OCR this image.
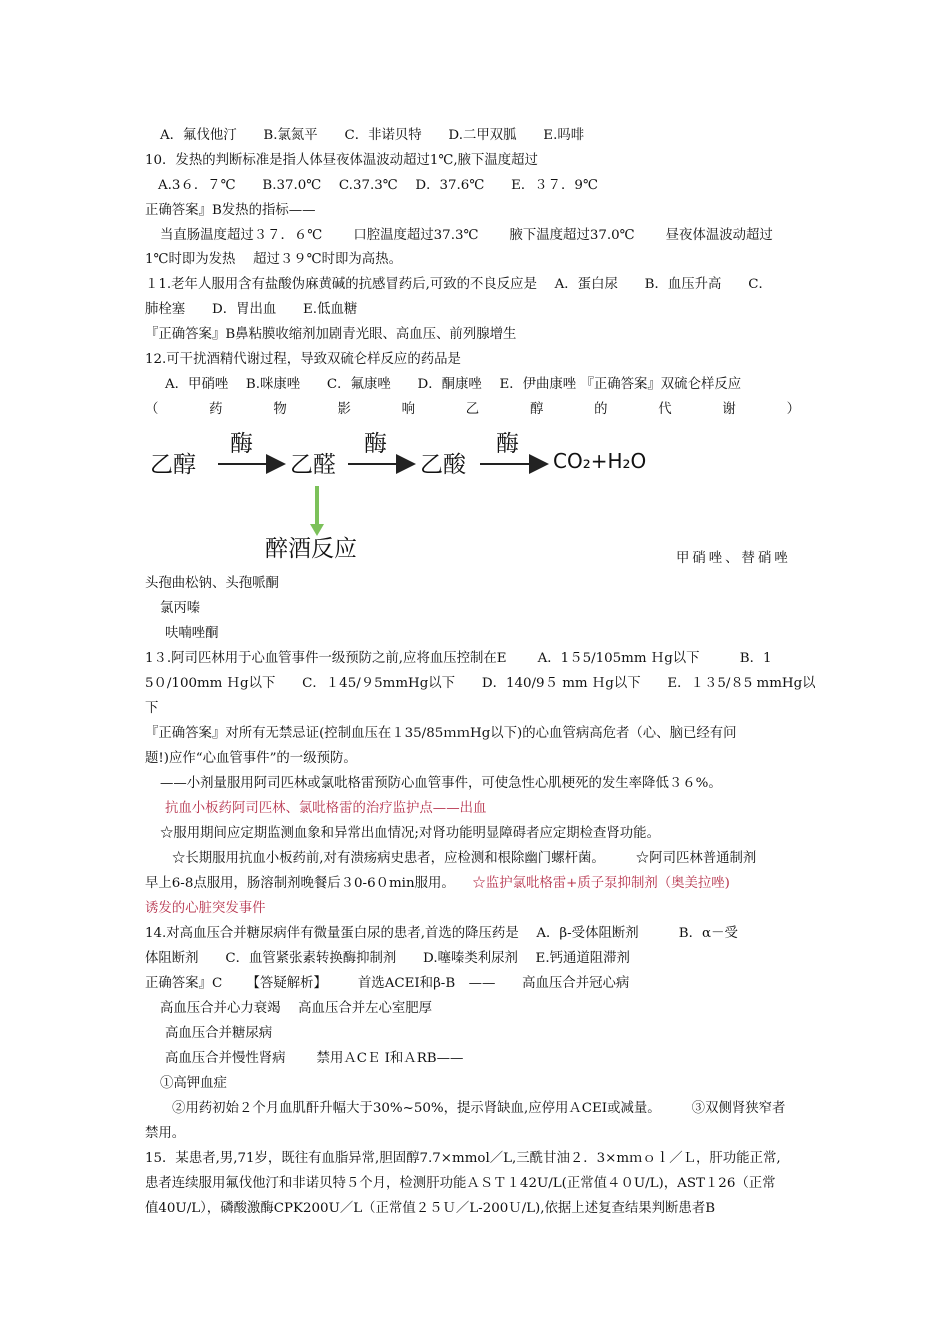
A．氟伐他汀　　B.氯氮平　　C．非诺贝特　　D.二甲双胍　　E.吗啡
10．发热的判断标准是指人体昼夜体温波动超过1℃,腋下温度超过
A.3６．７℃　　B.37.0℃　 C.37.3℃　 D．37.6℃　　E．３７．9℃
正确答案』B发热的指标——
当直肠温度超过３７．６℃ 　　口腔温度超过37.3℃ 　　腋下温度超过37.0℃ 　　昼夜体温波动超过
1℃时即为发热 　超过３９℃时即为高热。
１1.老年人服用含有盐酸伪麻黄碱的抗感冒药后,可致的不良反应是 　A．蛋白尿　　B．血压升高　　C．
肺栓塞　　D．胃出血　　E.低血糖
『正确答案』B鼻粘膜收缩剂加剧青光眼、高血压、前列腺增生
12.可干扰酒精代谢过程，导致双硫仑样反应的药品是
A．甲硝唑　 B.咪康唑　　C．氟康唑　　D．酮康唑　 E．伊曲康唑 『正确答案』双硫仑样反应
（	药	物	影	响	乙	醇	的	代	谢	）
乙醇	乙醛	乙酸	CO₂+H₂O
酶	酶	酶
醉酒反应	甲硝唑、替硝唑
头孢曲松钠、头孢哌酮
氯丙嗪
呋喃唑酮
1３.阿司匹林用于心血管事件一级预防之前,应将血压控制在E 　　A．1５5/105mm Ｈg以下　　　B．1
5０/100mm Ｈg以下　　C．１45/９5mmHg以下　　D．140/9５ mm Ｈg以下　　E．１３5/８5 mmHg以
下
『正确答案』对所有无禁忌证(控制血压在１35/85ｍｍHg以下)的心血管病高危者（心、脑已经有问
题!)应作“心血管事件”的一级预防。
——小剂量服用阿司匹林或氯吡格雷预防心血管事件，可使急性心肌梗死的发生率降低３６%。
抗血小板药阿司匹林、氯吡格雷的治疗监护点——出血
☆服用期间应定期监测血象和异常出血情况;对肾功能明显障碍者应定期检查肾功能。
☆长期服用抗血小板药前,对有溃疡病史患者，应检测和根除幽门螺杆菌。 　　☆阿司匹林普通制剂
早上6-8点服用，肠溶制剂晚餐后３0-6０min服用。 　☆监护氯吡格雷+质子泵抑制剂（奥美拉唑)
诱发的心脏突发事件
14.对高血压合并糖尿病伴有微量蛋白尿的患者,首选的降压药是 　A．β-受体阻断剂　　　B．α－受
体阻断剂　　C．血管紧张素转换酶抑制剂　　D.噻嗪类利尿剂　 E.钙通道阻滞剂
正确答案』C 　　【答疑解析】 　　首选ACEI和β-B　——　　高血压合并冠心病
高血压合并心力衰竭 　高血压合并左心室肥厚
高血压合并糖尿病
高血压合并慢性肾病 　　禁用ＡCＥ I和ＡRB——
①高钾血症
②用药初始２个月血肌酐升幅大于30%~50%，提示肾缺血,应停用ＡCEI或减量。 　　③双侧肾狭窄者
禁用。
15．某患者,男,71岁，既往有血脂异常,胆固醇7.7×mmol／L,三酰甘油２．3×mｍｏｌ／Ｌ，肝功能正常,
患者连续服用氟伐他汀和非诺贝特５个月，检测肝功能ＡＳＴ１42U/L(正常值４０U/L)，AST１26（正常
值40U/L），磷酸激酶CPK200U／L（正常值２５Ｕ／L-200Ｕ/L),依据上述复查结果判断患者B
